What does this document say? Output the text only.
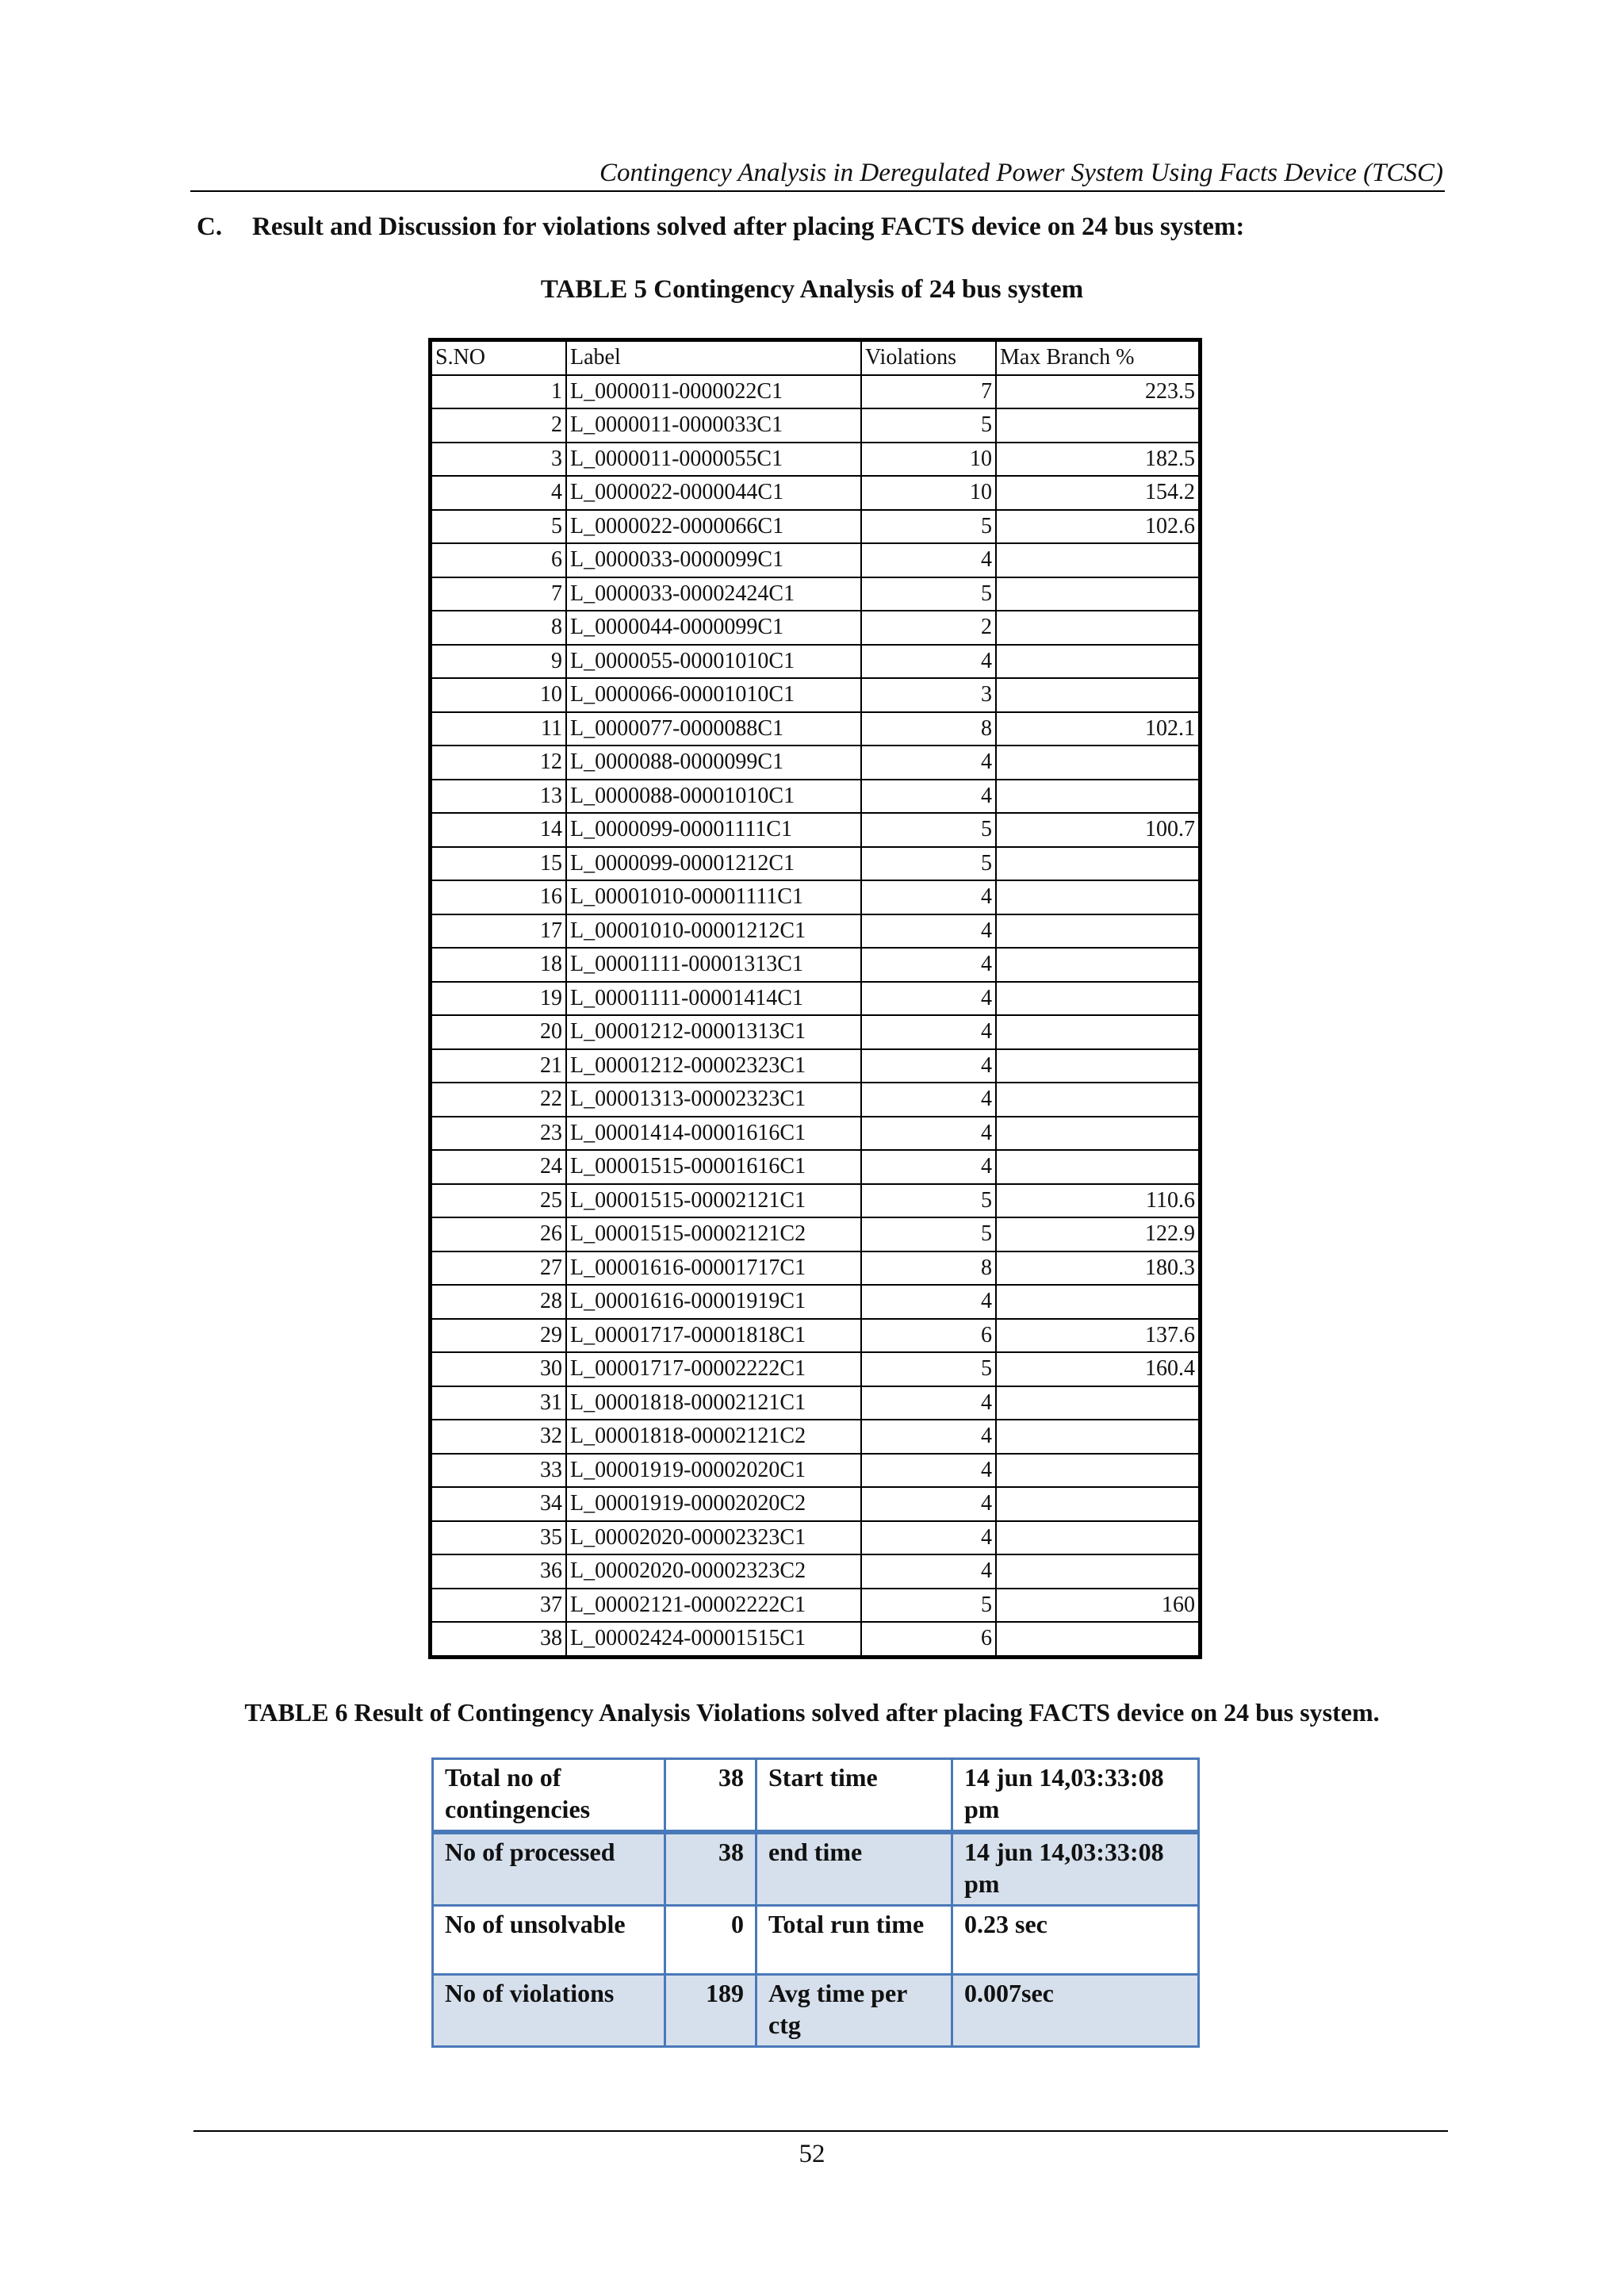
Contingency Analysis in Deregulated Power System Using Facts Device (TCSC)
C. Result and Discussion for violations solved after placing FACTS device on 24 bus system:
TABLE 5 Contingency Analysis of 24 bus system
S.NO	Label	Violations	Max Branch %
1	L_0000011-0000022C1	7	223.5
2	L_0000011-0000033C1	5	
3	L_0000011-0000055C1	10	182.5
4	L_0000022-0000044C1	10	154.2
5	L_0000022-0000066C1	5	102.6
6	L_0000033-0000099C1	4	
7	L_0000033-00002424C1	5	
8	L_0000044-0000099C1	2	
9	L_0000055-00001010C1	4	
10	L_0000066-00001010C1	3	
11	L_0000077-0000088C1	8	102.1
12	L_0000088-0000099C1	4	
13	L_0000088-00001010C1	4	
14	L_0000099-00001111C1	5	100.7
15	L_0000099-00001212C1	5	
16	L_00001010-00001111C1	4	
17	L_00001010-00001212C1	4	
18	L_00001111-00001313C1	4	
19	L_00001111-00001414C1	4	
20	L_00001212-00001313C1	4	
21	L_00001212-00002323C1	4	
22	L_00001313-00002323C1	4	
23	L_00001414-00001616C1	4	
24	L_00001515-00001616C1	4	
25	L_00001515-00002121C1	5	110.6
26	L_00001515-00002121C2	5	122.9
27	L_00001616-00001717C1	8	180.3
28	L_00001616-00001919C1	4	
29	L_00001717-00001818C1	6	137.6
30	L_00001717-00002222C1	5	160.4
31	L_00001818-00002121C1	4	
32	L_00001818-00002121C2	4	
33	L_00001919-00002020C1	4	
34	L_00001919-00002020C2	4	
35	L_00002020-00002323C1	4	
36	L_00002020-00002323C2	4	
37	L_00002121-00002222C1	5	160
38	L_00002424-00001515C1	6	
TABLE 6 Result of Contingency Analysis Violations solved after placing FACTS device on 24 bus system.
Total no of contingencies	38	Start time	14 jun 14,03:33:08 pm
No of processed	38	end time	14 jun 14,03:33:08 pm
No of unsolvable	0	Total run time	0.23 sec
No of violations	189	Avg time per ctg	0.007sec
52
